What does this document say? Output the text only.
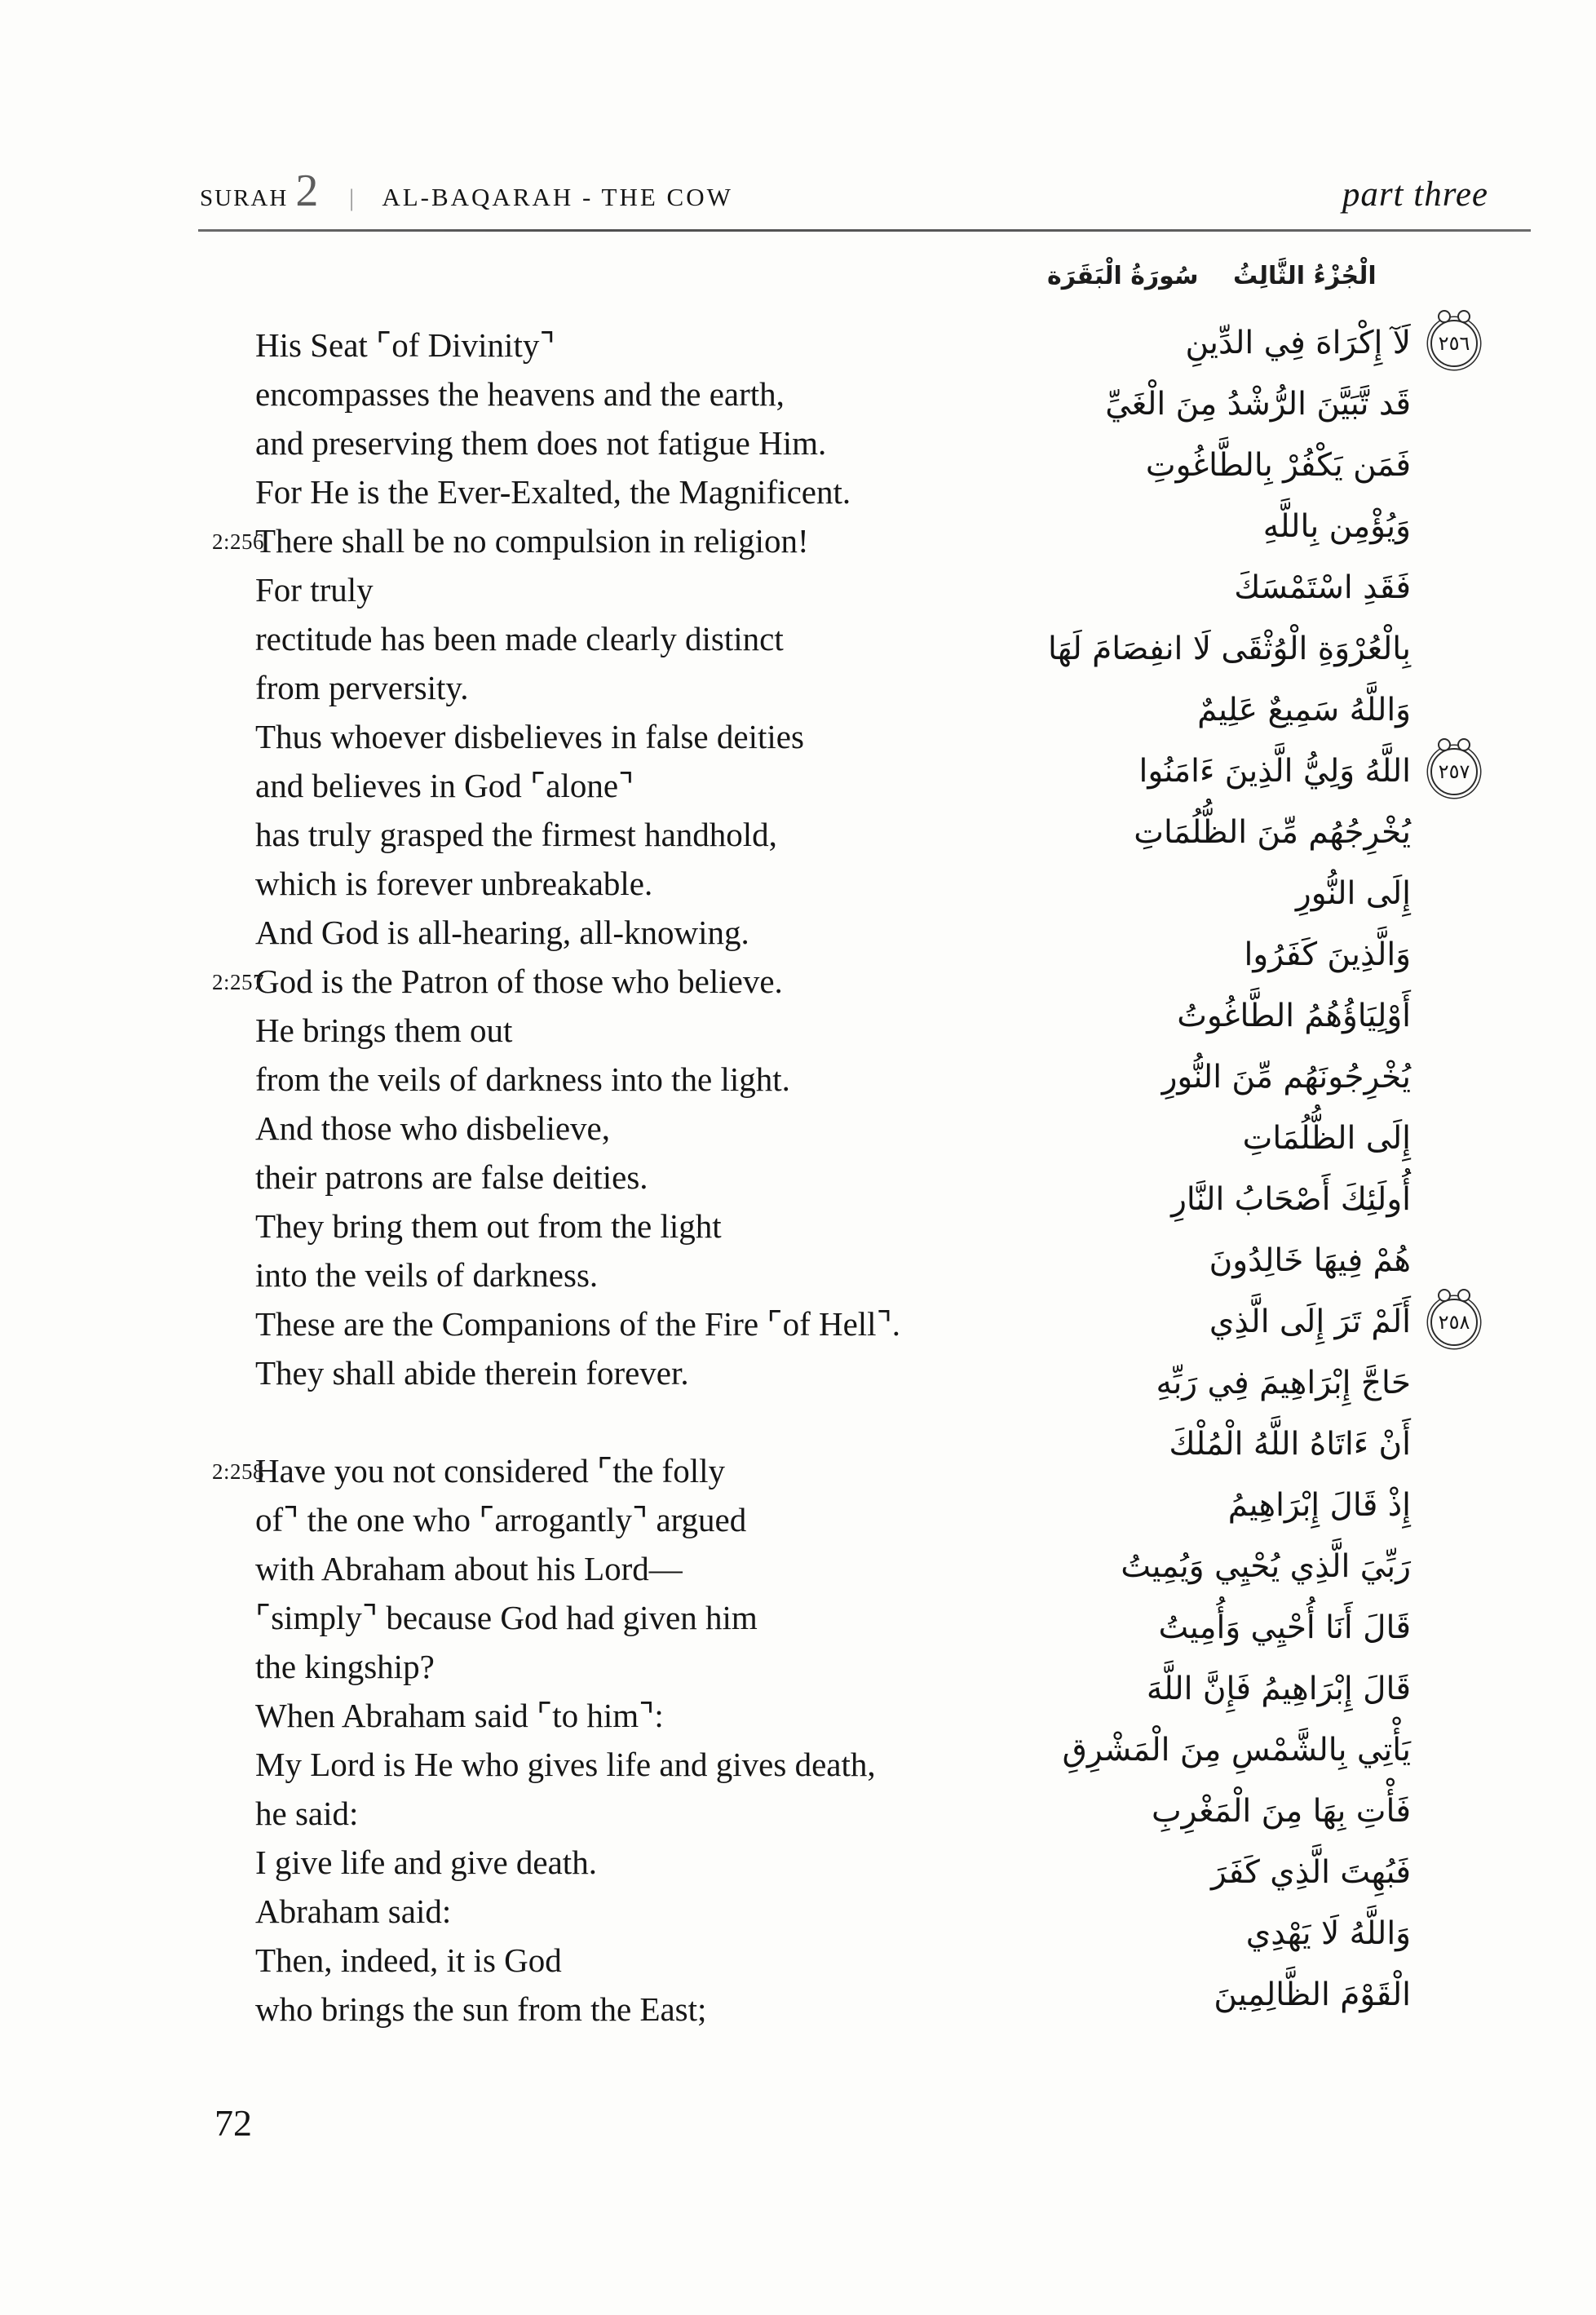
SURAH 2 | AL-BAQARAH - THE COW	part three
سُورَةُ الْبَقَرَة الْجُزْءُ الثَّالِثُ
His Seat ⌜of Divinity⌝
encompasses the heavens and the earth,
and preserving them does not fatigue Him.
For He is the Ever-Exalted, the Magnificent.
2:256
There shall be no compulsion in religion!
For truly
rectitude has been made clearly distinct
from perversity.
Thus whoever disbelieves in false deities
and believes in God ⌜alone⌝
has truly grasped the firmest handhold,
which is forever unbreakable.
And God is all-hearing, all-knowing.
2:257
God is the Patron of those who believe.
He brings them out
from the veils of darkness into the light.
And those who disbelieve,
their patrons are false deities.
They bring them out from the light
into the veils of darkness.
These are the Companions of the Fire ⌜of Hell⌝.
They shall abide therein forever.
2:258
Have you not considered ⌜the folly
of⌝ the one who ⌜arrogantly⌝ argued
with Abraham about his Lord—
⌜simply⌝ because God had given him
the kingship?
When Abraham said ⌜to him⌝:
My Lord is He who gives life and gives death,
he said:
I give life and give death.
Abraham said:
Then, indeed, it is God
who brings the sun from the East;
لَآ إِكْرَاهَ فِي الدِّينِ	٢٥٦
قَد تَّبَيَّنَ الرُّشْدُ مِنَ الْغَيِّ
فَمَن يَكْفُرْ بِالطَّاغُوتِ
وَيُؤْمِن بِاللَّهِ
فَقَدِ اسْتَمْسَكَ
بِالْعُرْوَةِ الْوُثْقَى لَا انفِصَامَ لَهَا
وَاللَّهُ سَمِيعٌ عَلِيمٌ
اللَّهُ وَلِيُّ الَّذِينَ ءَامَنُوا	٢٥٧
يُخْرِجُهُم مِّنَ الظُّلُمَاتِ
إِلَى النُّورِ
وَالَّذِينَ كَفَرُوا
أَوْلِيَاؤُهُمُ الطَّاغُوتُ
يُخْرِجُونَهُم مِّنَ النُّورِ
إِلَى الظُّلُمَاتِ
أُولَئِكَ أَصْحَابُ النَّارِ
هُمْ فِيهَا خَالِدُونَ
أَلَمْ تَرَ إِلَى الَّذِي	٢٥٨
حَاجَّ إِبْرَاهِيمَ فِي رَبِّهِ
أَنْ ءَاتَاهُ اللَّهُ الْمُلْكَ
إِذْ قَالَ إِبْرَاهِيمُ
رَبِّيَ الَّذِي يُحْيِي وَيُمِيتُ
قَالَ أَنَا أُحْيِي وَأُمِيتُ
قَالَ إِبْرَاهِيمُ فَإِنَّ اللَّهَ
يَأْتِي بِالشَّمْسِ مِنَ الْمَشْرِقِ
فَأْتِ بِهَا مِنَ الْمَغْرِبِ
فَبُهِتَ الَّذِي كَفَرَ
وَاللَّهُ لَا يَهْدِي
الْقَوْمَ الظَّالِمِينَ
72
